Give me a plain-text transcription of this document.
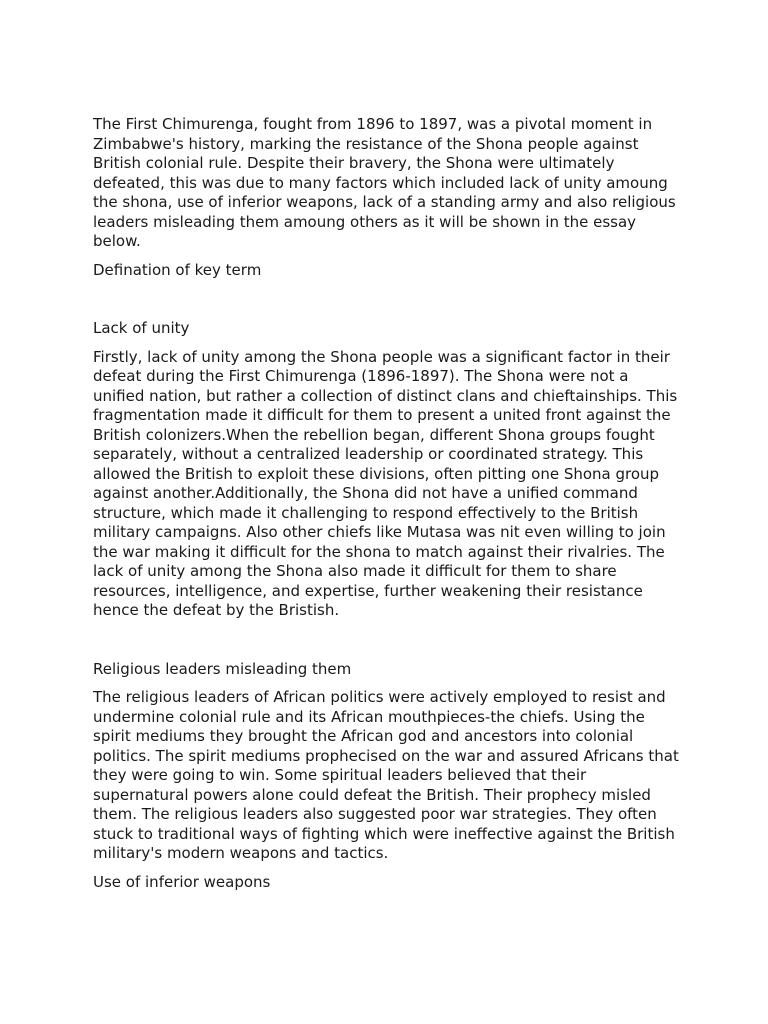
The First Chimurenga, fought from 1896 to 1897, was a pivotal moment in Zimbabwe's history, marking the resistance of the Shona people against British colonial rule. Despite their bravery, the Shona were ultimately defeated, this was due to many factors which included lack of unity amoung the shona, use of inferior weapons, lack of a standing army and also religious leaders misleading them amoung others as it will be shown in the essay below.

Defination of key term

Lack of unity

Firstly, lack of unity among the Shona people was a significant factor in their defeat during the First Chimurenga (1896-1897). The Shona were not a unified nation, but rather a collection of distinct clans and chieftainships. This fragmentation made it difficult for them to present a united front against the British colonizers.When the rebellion began, different Shona groups fought separately, without a centralized leadership or coordinated strategy. This allowed the British to exploit these divisions, often pitting one Shona group against another.Additionally, the Shona did not have a unified command structure, which made it challenging to respond effectively to the British military campaigns. Also other chiefs like Mutasa was nit even willing to join the war making it difficult for the shona to match against their rivalries. The lack of unity among the Shona also made it difficult for them to share resources, intelligence, and expertise, further weakening their resistance hence the defeat by the Bristish.

Religious leaders misleading them

The religious leaders of African politics were actively employed to resist and undermine colonial rule and its African mouthpieces-the chiefs. Using the spirit mediums they brought the African god and ancestors into colonial politics. The spirit mediums prophecised on the war and assured Africans that they were going to win. Some spiritual leaders believed that their supernatural powers alone could defeat the British. Their prophecy misled them. The religious leaders also suggested poor war strategies. They often stuck to traditional ways of fighting which were ineffective against the British military's modern weapons and tactics.

Use of inferior weapons
